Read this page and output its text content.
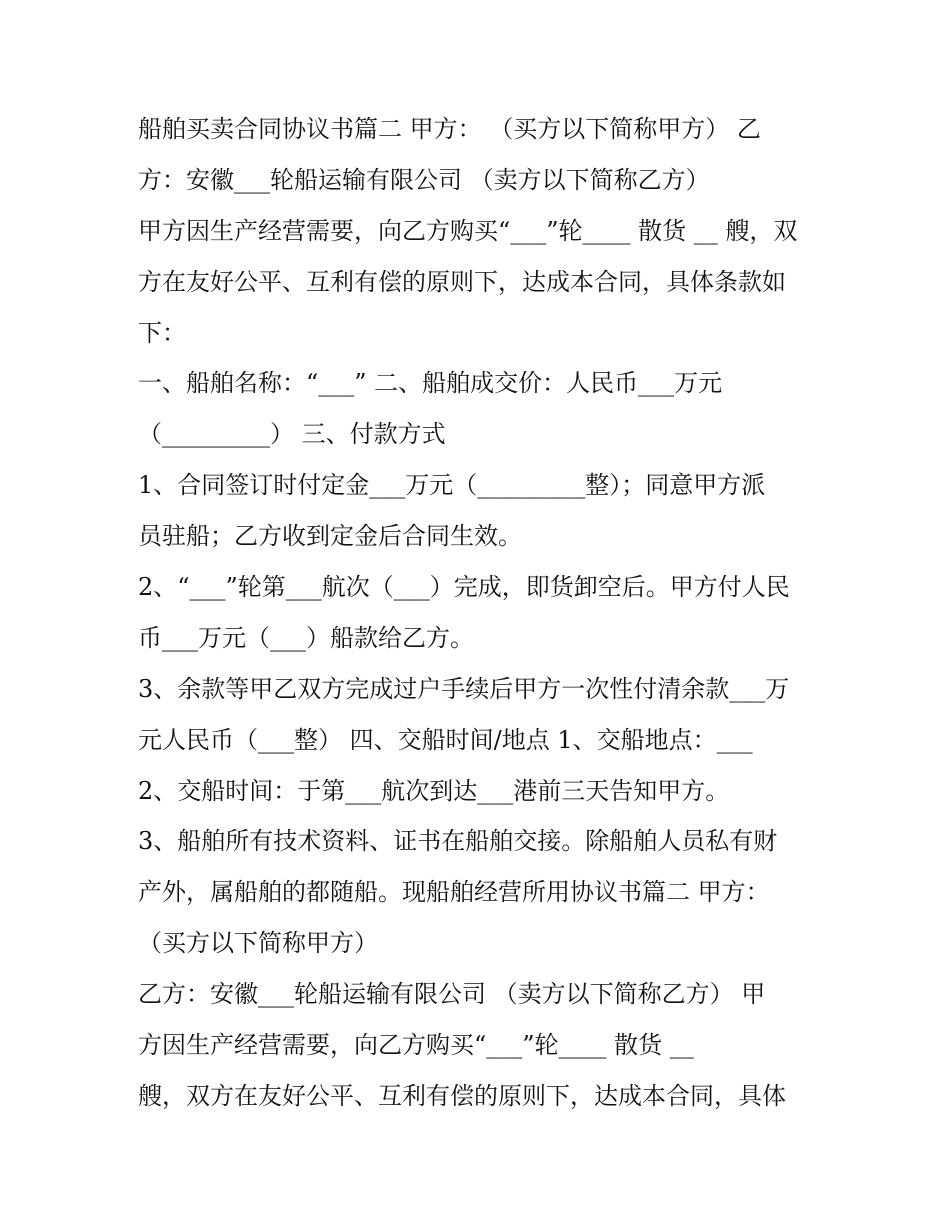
船舶买卖合同协议书篇二 甲方： （买方以下简称甲方） 乙
方：安徽___轮船运输有限公司 （卖方以下简称乙方）
甲方因生产经营需要，向乙方购买“___”轮____ 散货 __ 艘，双
方在友好公平、互利有偿的原则下，达成本合同，具体条款如
下：
一、船舶名称：“___” 二、船舶成交价：人民币___万元
（_________） 三、付款方式
1、合同签订时付定金___万元（_________整）；同意甲方派
员驻船；乙方收到定金后合同生效。
2、“___”轮第___航次（___）完成，即货卸空后。甲方付人民
币___万元（___）船款给乙方。
3、余款等甲乙双方完成过户手续后甲方一次性付清余款___万
元人民币（___整） 四、交船时间/地点 1、交船地点：___
2、交船时间：于第___航次到达___港前三天告知甲方。
3、船舶所有技术资料、证书在船舶交接。除船舶人员私有财
产外，属船舶的都随船。现船舶经营所用协议书篇二 甲方：
（买方以下简称甲方）
乙方：安徽___轮船运输有限公司 （卖方以下简称乙方） 甲
方因生产经营需要，向乙方购买“___”轮____ 散货 __
艘，双方在友好公平、互利有偿的原则下，达成本合同，具体
